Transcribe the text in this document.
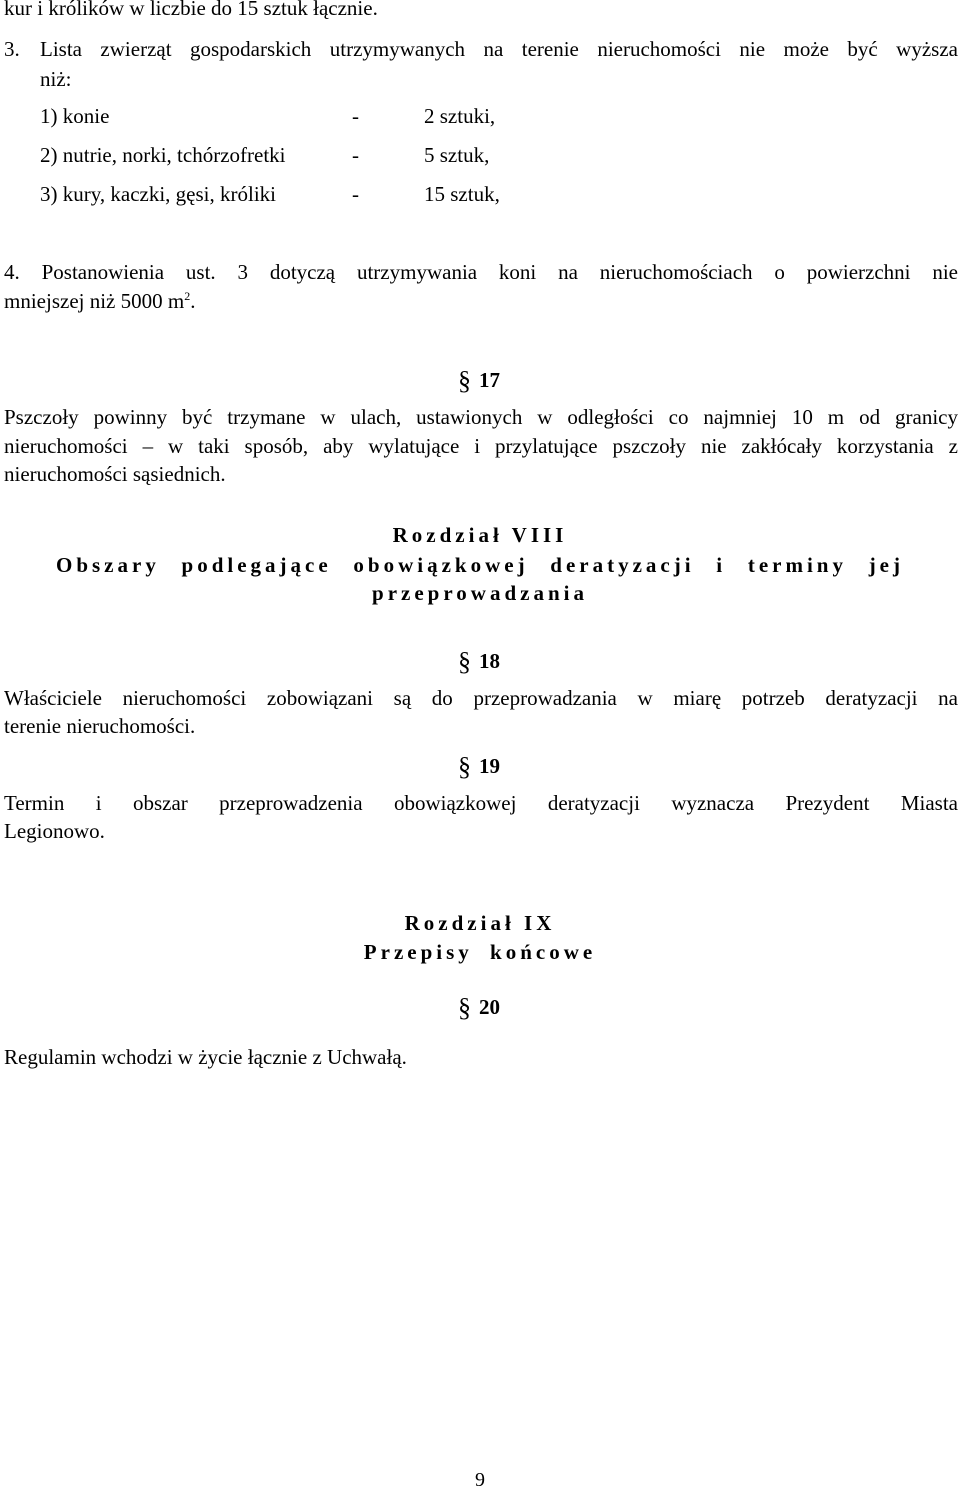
kur i królików w liczbie do 15 sztuk łącznie.
3. Lista zwierząt gospodarskich utrzymywanych na terenie nieruchomości nie może być wyższa
niż:
1) konie	-	2 sztuki,
2) nutrie, norki, tchórzofretki	-	5 sztuk,
3) kury, kaczki, gęsi, króliki	-	15 sztuk,
4. Postanowienia ust. 3 dotyczą utrzymywania koni na nieruchomościach o powierzchni nie
mniejszej niż 5000 $m^2$.
§ 17
Pszczoły powinny być trzymane w ulach, ustawionych w odległości co najmniej 10 m od granicy
nieruchomości – w taki sposób, aby wylatujące i przylatujące pszczoły nie zakłócały korzystania z
nieruchomości sąsiednich.
Rozdział VIII
Obszary podlegające obowiązkowej deratyzacji i terminy jej
przeprowadzania
§ 18
Właściciele nieruchomości zobowiązani są do przeprowadzania w miarę potrzeb deratyzacji na
terenie nieruchomości.
§ 19
Termin i obszar przeprowadzenia obowiązkowej deratyzacji wyznacza Prezydent Miasta
Legionowo.
Rozdział IX
Przepisy końcowe
§ 20
Regulamin wchodzi w życie łącznie z Uchwałą.
9
